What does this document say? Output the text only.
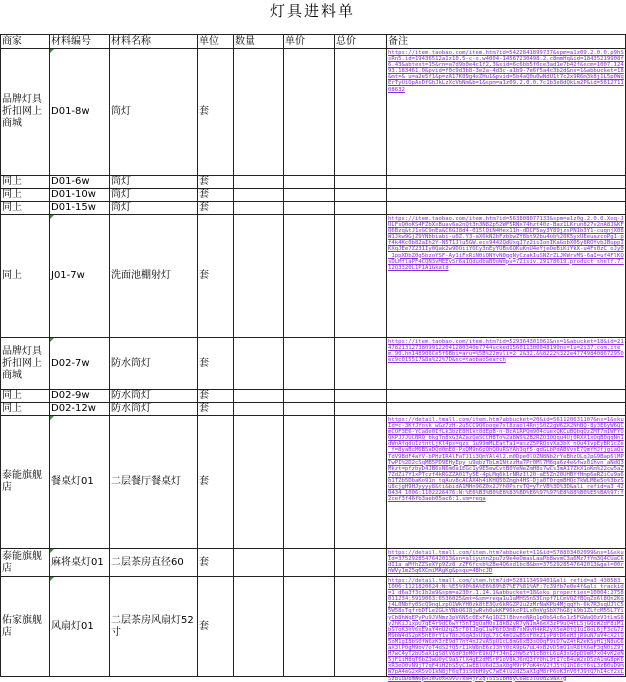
灯具进料单
商家	材料编号	材料名称	单位	数量	单价	总价	备注
品牌灯具折扣网上商城	D01-8w	筒灯	套				https://item.taobao.com/item.htm?id=5422841899737&spm=a1z09.2.0.0.p9hSsRn5.id=19436512a1z10.5-c-s.w4004-14567230498.2.c8mmHq&id=18435219908f6.43&abtest=15&rn=a7d9b0e4c1f2.3&sid=6c6bb5f0ce3ad1e7b42f&scm=1007.12493.183461.0&pvid=f0c9d3b8-3e2a-4d3c-a1b9-7e6f5a4c3b2d&ns=1&abbucket=18&mt=&_u=a2e5f1&p=zA17K09g4xZHu1&pvid=5b4aQ0u0wNdU1t7c2x9R6m3k8j1L5p0WqErTyUiOpAsDfGhJkLzXcVbNm&b=1&spm=a1z09.2.0.0.7c1b3e8dQkLm2P&id=561271108632

同上	D01-6w	筒灯	套				
同上	D01-10w	筒灯	套				
同上	D01-15w	筒灯	套				
同上	J01-7w	洗面池棚射灯	套				https://item.taobao.com/item.htm?id=563808077133&spm=a1z0g.2.0.0.Xoq-JULFsQ0oKS4FZbXsBuav6a2nQt3n3N82p52WF5RNx74hzt40z-Baz1LKrun827v2nA8J&KFQ6Bzq&tJ1xGC9nEa&C6GJ8d4-015lQiN4Hex11h-dDCF5ay3Y89jzsPN1b3Y1-cuqnjX08W1Jkw9GjZ9YNbbiabi-u0Z.Y3-aX6kN2bFzbbwZY8bt92bu4ob%20K5yxUEeuazcoPg1-pf4k4Kc0b82aIh2Y-N5T1Jlu5GW.ecs9442QdUxqJ7z2isIonIKaGnbX05y8ROYvbJBuppIKXqJEe7Z231Iy0Qak2w9DOiiYOCy3nEyYUBs6QKuKnU4eYjeOeBiKiYkX-u4Fs0zC_oJy0_1ppXDbZ0g5bzoYSF-Ay1iFxRiN0iQNYvN0gqNyCzakIuSNZrZLJKWrvMS-6aI=uf4FlKQsDLMflaPF4CQN3vMEEv5r6a1QdudbaB0oWdpv=72isiv.29178619.product_shelf.7.12Q3320L1P1A1Gkald

品牌灯具折扣网上商城	D02-7w	防水筒灯	套				https://item.taobao.com/item.htm?id=529364301061&ns=1&abucket=18&id=2147821312738099122041280340e7744ucked156011300048190ns=1u=2i37.com.item.90.hn148906Ce5f6Bbi=aru=%5B%22mvli=2_2&32.&%8222%322e477498408672950ec9c015517&8a%22%7D&sc=taobaoSearch

同上	D02-9w	防水筒灯	套				
同上	D02-12w	防水筒灯	套				
泰能旗舰店	餐桌灯01	二层餐厅餐桌灯	套				https://detail.tmall.com/item.htm?abbucket=20&id=561120631107&ns=1&skuId=c-3KfJYosk_wGz7zH-2u5CC9Q6ooqe7xl8zaol4RnjS0Z2gW6ZX2NhBQ-8y3E6yW6QCmCOF3E6-YCa8e0IfLk3bzE8H1kt8dEpB-n-BcA1RPQm904cuexQKCuBQbqQzZMT7m1WFYOQKPJ7JUCBRQ_bkgTn8xG3AZazQaSCCHBTo%2a8WS%2B2RZO3OQqu4Uj0RXX1xOqB0qqNn1dWnAfqdu1ztntLjKl4ps=qzs_1u99mMLEatTa1=aszZ5PRQsvXa3bX_nQu41vpEyBR1cZe_f=8yaBcM6B5aDQd0mE0-PxQM9n6pQhQOuRSYAh3qf5-qdGLbPdABVvsE7QmYHJfjgiaQvTdV9BdF4aYV-bPHzIR4lFaTJ1i3QmYAl4l2.m0Dpe0lOZN8Nb2rYeBhzOLqJpG9Bap6lMPTwPI%2D2cSqMB5PD9EHyEpy_u9qbzTbLm1NtzzHa7Pr0Ml7M6qa6z4e&fwz01hvn_aNdQ3Mkzt=pfzbyD4JB6sN6m0a1EGc1y9E5ewCvtB0YeNeZmH8s7wCs3mA17ZkX1oKm%22cw5aZ7ZdZi7Y1xPTczf4kRGZZA01Ty5E-4pLMq6k1rNRz1l20-aE5Zn20UHBYfHmp6aRZiCu9a6b1TZb5DbaKo91n_tqAuv8cACAX4h4iKHQ50Zmgh4HS-Dja0T0rqmBHQc7kWLM8e5o%3bzSu8cjgH9HJyyyy8&ti&bidA1MHn96Z0x2JYh0PsrvTQ=yTrVB%3D%3D&ali_refid=a3_420434_1006:1102226476:N:%E6%B3%B0%E8%83%BD%E6%97%97%E8%88%B0%E5%BA%97:f2cef3f46fb3aeb05ac6:1.sm=reqa

泰能旗舰店	麻将桌灯01	二层茶房直径60	套				https://detail.tmall.com/item.htm?abbucket=11&id=578803402099&ns=1&skuId=3752928547642013&sn=aliyunn2pu7z9e4eOmasLaaPb8wvmC3a6Mz7fYm3Q4CUaCkdI1a_aMfhZZSeXYp9Zz8_zZF6fcsb%2Be4Q6xd1bc8&bn=3752928547642013&gal=00rhWVy1m25q6XCmiMAgKg&psqu=48hcJD

佑家旗舰店	风扇灯01	二层茶房风扇灯52寸	套				https://detail.tmall.com/item.htm?id=528113459401&ali_refid=a3_430583_1006:1121820624:N:%E5%90%8A%E6%89%87%E7%81%AF:7c39fb7e0e4f&ali_trackid=1_d6a3f3c1b2e9&spm=a230r.1.14.1&abbucket=18&sku_properties=10004:2758011234;5919063:6536025&mt=&sm=reqa1u1aMHS5nS3Cnpf7LCmVQZfBQqZs6l8Qn2Kqj4L0Nbfy0ScQ9nqLzpO1WkYH0zk8tE3Qz6kRGZP2u2zMrNaKPb4MjqqYh-6k7R3sqUJlC55W58sTqfrbDTLe2GLhYNbQ6J8jwRvh0ukKF96kcP1Lx0nVgSbX7hG8jk9b1ZLfcM55L7YiyCb8hWqEPyPu9JVNmz3pV6N5c0ExFAq1DZ3lBbvnoNRq1p0bS4c6o1z5FGWaQ0zV3tLmS8y2hKiJ1xpU7qE4r9dC6wYf5nT3gOaH0sI8kB2vR7yN1mA6eX3zP9uQ4tL5jG0cW2dF8iM1bS7oK3hV6xE9aY4nU2qZ5rT0lJ8gC1wP6fD3mB7sN9vH4kR2yX5eA0tQ1uI8oL6jF3cG7zM9bW4dS2pK5hE0rY1vT8nJ6qA3xU9gL7iC4mO2wB5sF0kZ1yP8tD6eH3jR9uN7aV4cX2lQ5oM1gI8bS0fW6zK3rE9dT7hY4nJ2vA5pU1cL8mG6xB3sO0qF9iD7wZ4tR2eK5yH1jN8uC6aX3lP0gM9bV7oT4dS2fQ5rI1kW8nE6zJ3hY0cA9pG7uL4xB2vD5mO1sR8tK6eF3qN0iZ9jH7wC4yT2bU5aX1gS8lV6dP3oM0rE9kQ7fJ4nI2hW5zY1cB8tL6uA3sG0pD9mR7xO4vK2eN5jF1iH8qT6bZ3wU0yC9aS7lX4gE2dM5rP1oV8kJ6nQ3fY0hL9tI7cB4uW2sD5zA1mG8pK6xR3eO0vN9jT7qF4iH2bS5yC1wE8lU6dZ3aX0gM9rP7oK4nV2fJ5tQ1hI8cY6sL3zB0uD9mW7pA4eG2xR5vO1kN8jF6qT3iS0bH9yC7wE4lU2dZ5aX1gM8rP6oK3nV0fJ9tQ7hI4cY2sL5zB1uD8mW6pA3eG0xR9vO7kN4jF2qT5iS1bH8yC6wE3lU0dZ9aX7g
